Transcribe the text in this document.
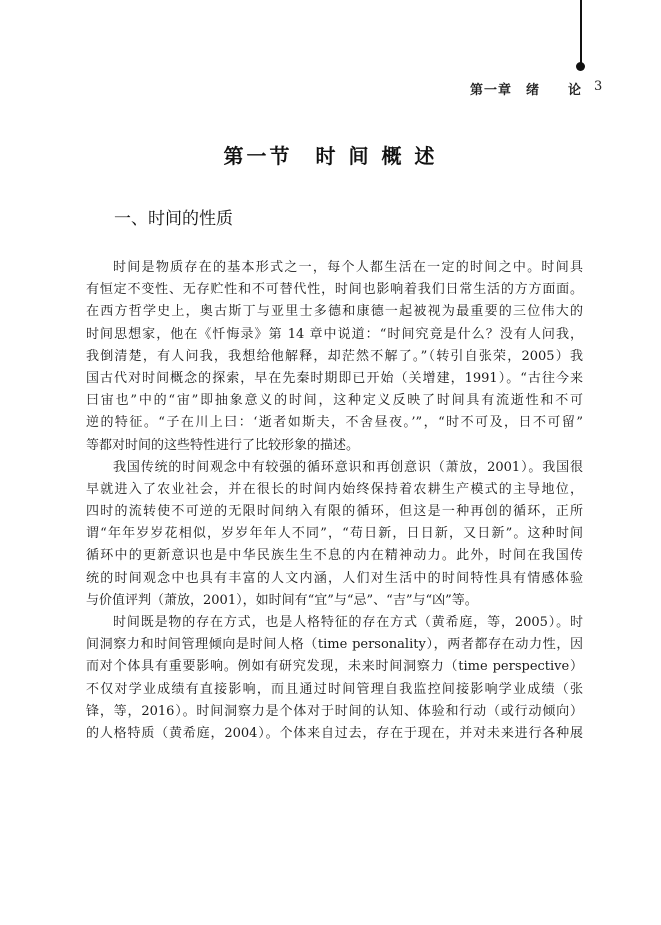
第一章　绪　　论 3
第一节　时 间 概 述
一、时间的性质
时间是物质存在的基本形式之一，每个人都生活在一定的时间之中。时间具
有恒定不变性、无存贮性和不可替代性，时间也影响着我们日常生活的方方面面。
在西方哲学史上，奥古斯丁与亚里士多德和康德一起被视为最重要的三位伟大的
时间思想家，他在《忏悔录》第 14 章中说道：“时间究竟是什么？没有人问我，
我倒清楚，有人问我，我想给他解释，却茫然不解了。”（转引自张荣，2005）我
国古代对时间概念的探索，早在先秦时期即已开始（关增建，1991）。“古往今来
曰宙也”中的“宙”即抽象意义的时间，这种定义反映了时间具有流逝性和不可
逆的特征。“子在川上曰：‘逝者如斯夫，不舍昼夜。’”，“时不可及，日不可留”
等都对时间的这些特性进行了比较形象的描述。
我国传统的时间观念中有较强的循环意识和再创意识（萧放，2001）。我国很
早就进入了农业社会，并在很长的时间内始终保持着农耕生产模式的主导地位，
四时的流转使不可逆的无限时间纳入有限的循环，但这是一种再创的循环，正所
谓“年年岁岁花相似，岁岁年年人不同”，“苟日新，日日新，又日新”。这种时间
循环中的更新意识也是中华民族生生不息的内在精神动力。此外，时间在我国传
统的时间观念中也具有丰富的人文内涵，人们对生活中的时间特性具有情感体验
与价值评判（萧放，2001），如时间有“宜”与“忌”、“吉”与“凶”等。
时间既是物的存在方式，也是人格特征的存在方式（黄希庭，等，2005）。时
间洞察力和时间管理倾向是时间人格（time personality），两者都存在动力性，因
而对个体具有重要影响。例如有研究发现，未来时间洞察力（time perspective）
不仅对学业成绩有直接影响，而且通过时间管理自我监控间接影响学业成绩（张
锋，等，2016）。时间洞察力是个体对于时间的认知、体验和行动（或行动倾向）
的人格特质（黄希庭，2004）。个体来自过去，存在于现在，并对未来进行各种展
